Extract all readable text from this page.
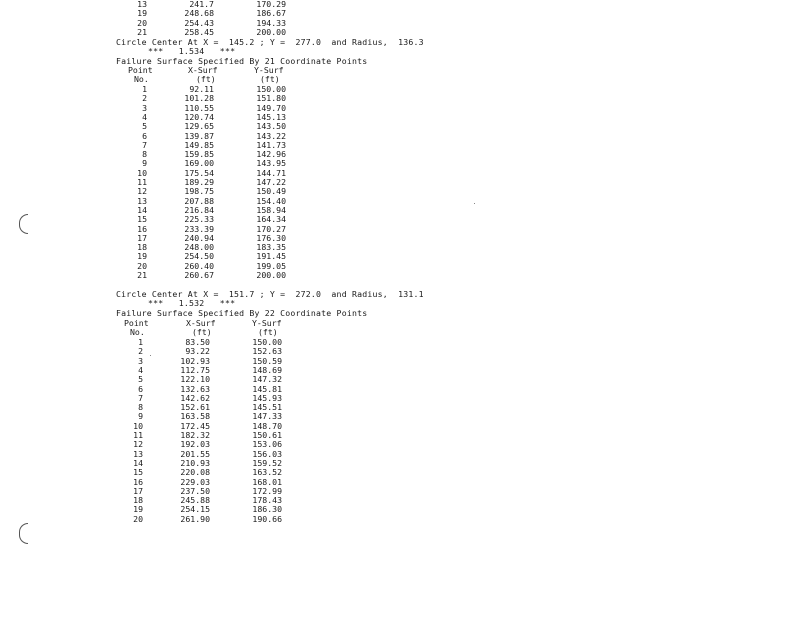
13	241.7	170.29
19	248.68	186.67
20	254.43	194.33
21	258.45	200.00
Circle Center At X =  145.2 ; Y =  277.0  and Radius,  136.3
***   1.534   ***
Failure Surface Specified By 21 Coordinate Points
Point
No.
X-Surf	Y-Surf
(ft)	(ft)
1	92.11	150.00
2	101.28	151.80
3	110.55	149.70
4	120.74	145.13
5	129.65	143.50
6	139.87	143.22
7	149.85	141.73
8	159.85	142.96
9	169.00	143.95
10	175.54	144.71
11	189.29	147.22
12	198.75	150.49
13	207.88	154.40
14	216.84	158.94
15	225.33	164.34
16	233.39	170.27
17	240.94	176.30
18	248.00	183.35
19	254.50	191.45
20	260.40	199.05
21	260.67	200.00
Circle Center At X =  151.7 ; Y =  272.0  and Radius,  131.1
***   1.532   ***
Failure Surface Specified By 22 Coordinate Points
Point
No.
X-Surf	Y-Surf
(ft)	(ft)
1	83.50	150.00
2	93.22	152.63
3	102.93	150.59
4	112.75	148.69
5	122.10	147.32
6	132.63	145.81
7	142.62	145.93
8	152.61	145.51
9	163.58	147.33
10	172.45	148.70
11	182.32	150.61
12	192.03	153.06
13	201.55	156.03
14	210.93	159.52
15	220.08	163.52
16	229.03	168.01
17	237.50	172.99
18	245.88	178.43
19	254.15	186.30
20	261.90	190.66
